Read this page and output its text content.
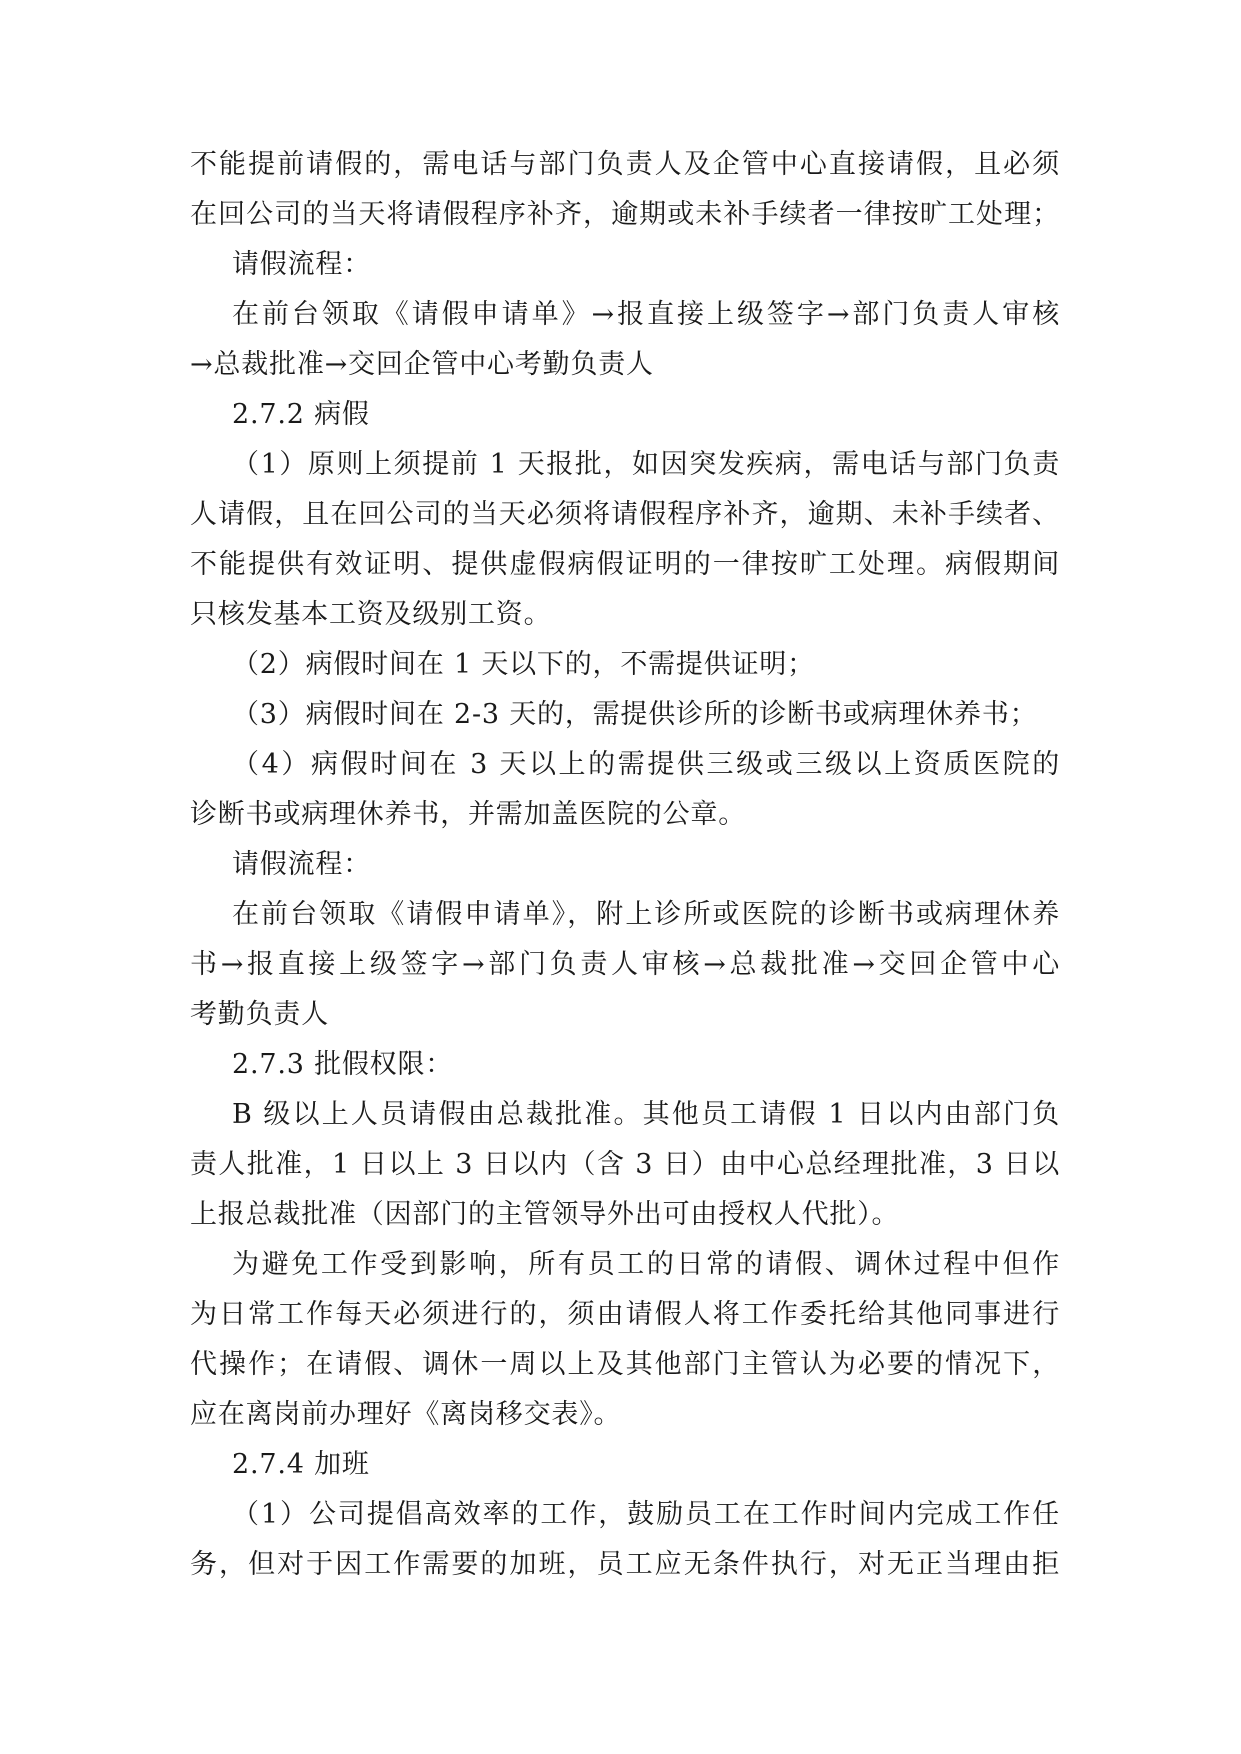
不能提前请假的，需电话与部门负责人及企管中心直接请假，且必须
在回公司的当天将请假程序补齐，逾期或未补手续者一律按旷工处理；
请假流程：
在前台领取《请假申请单》→报直接上级签字→部门负责人审核
→总裁批准→交回企管中心考勤负责人
2.7.2 病假
（1）原则上须提前 1 天报批，如因突发疾病，需电话与部门负责
人请假，且在回公司的当天必须将请假程序补齐，逾期、未补手续者、
不能提供有效证明、提供虚假病假证明的一律按旷工处理。病假期间
只核发基本工资及级别工资。
（2）病假时间在 1 天以下的，不需提供证明；
（3）病假时间在 2-3 天的，需提供诊所的诊断书或病理休养书；
（4）病假时间在 3 天以上的需提供三级或三级以上资质医院的
诊断书或病理休养书，并需加盖医院的公章。
请假流程：
在前台领取《请假申请单》，附上诊所或医院的诊断书或病理休养
书→报直接上级签字→部门负责人审核→总裁批准→交回企管中心
考勤负责人
2.7.3 批假权限：
B 级以上人员请假由总裁批准。其他员工请假 1 日以内由部门负
责人批准，1 日以上 3 日以内（含 3 日）由中心总经理批准，3 日以
上报总裁批准（因部门的主管领导外出可由授权人代批）。
为避免工作受到影响，所有员工的日常的请假、调休过程中但作
为日常工作每天必须进行的，须由请假人将工作委托给其他同事进行
代操作；在请假、调休一周以上及其他部门主管认为必要的情况下，
应在离岗前办理好《离岗移交表》。
2.7.4 加班
（1）公司提倡高效率的工作，鼓励员工在工作时间内完成工作任
务，但对于因工作需要的加班，员工应无条件执行，对无正当理由拒
